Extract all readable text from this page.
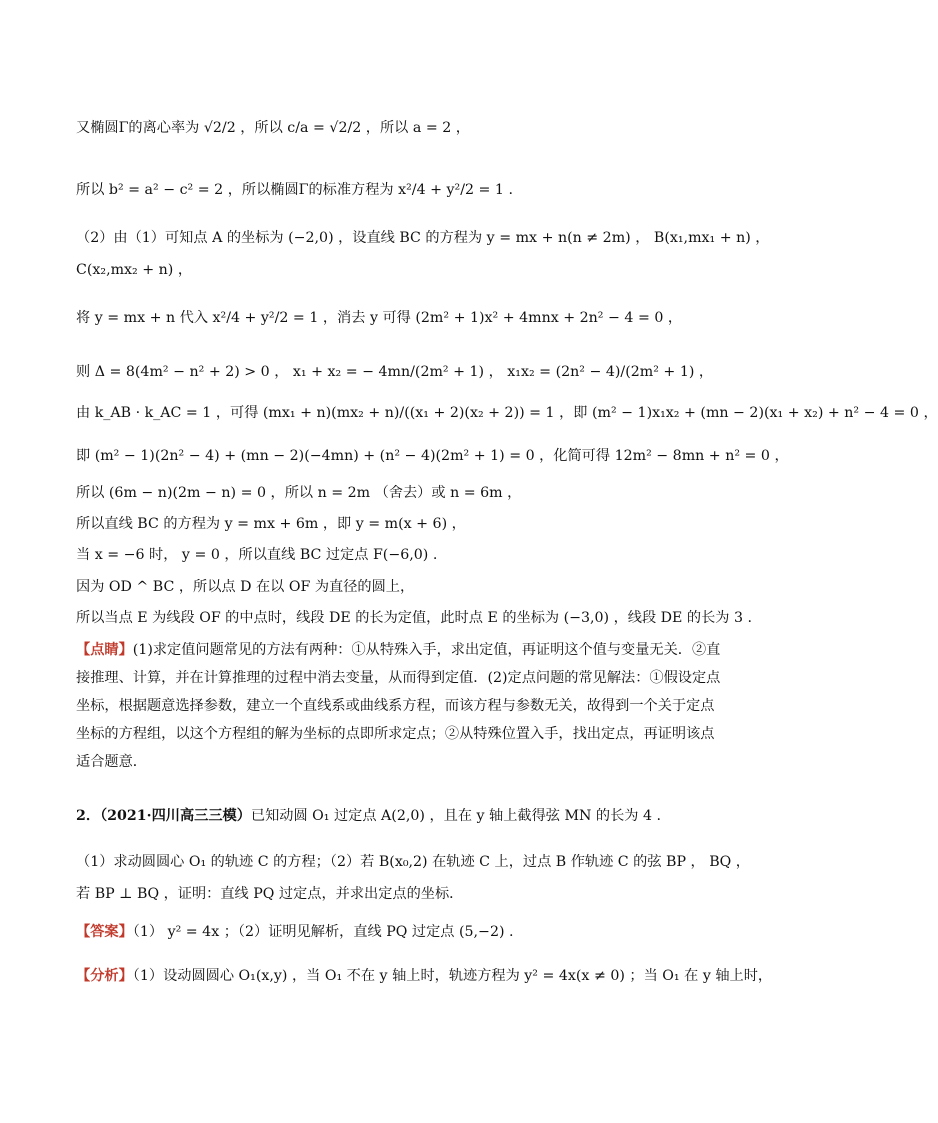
又椭圆Γ的离心率为 √2/2 ，所以 c/a = √2/2 ，所以 a = 2 ，
所以 b² = a² − c² = 2 ，所以椭圆Γ的标准方程为 x²/4 + y²/2 = 1 .
（2）由（1）可知点 A 的坐标为 (−2,0) ，设直线 BC 的方程为 y = mx + n(n ≠ 2m) ， B(x₁,mx₁ + n) ，
C(x₂,mx₂ + n) ，
将 y = mx + n 代入 x²/4 + y²/2 = 1 ，消去 y 可得 (2m² + 1)x² + 4mnx + 2n² − 4 = 0 ，
则 Δ = 8(4m² − n² + 2) > 0 ， x₁ + x₂ = − 4mn/(2m² + 1) ， x₁x₂ = (2n² − 4)/(2m² + 1) ，
由 k_AB · k_AC = 1 ，可得 (mx₁ + n)(mx₂ + n)/((x₁ + 2)(x₂ + 2)) = 1 ，即 (m² − 1)x₁x₂ + (mn − 2)(x₁ + x₂) + n² − 4 = 0 ，
即 (m² − 1)(2n² − 4) + (mn − 2)(−4mn) + (n² − 4)(2m² + 1) = 0 ，化简可得 12m² − 8mn + n² = 0 ，
所以 (6m − n)(2m − n) = 0 ，所以 n = 2m （舍去）或 n = 6m ，
所以直线 BC 的方程为 y = mx + 6m ，即 y = m(x + 6) ，
当 x = −6 时， y = 0 ，所以直线 BC 过定点 F(−6,0) .
因为 OD ^ BC ，所以点 D 在以 OF 为直径的圆上，
所以当点 E 为线段 OF 的中点时，线段 DE 的长为定值，此时点 E 的坐标为 (−3,0) ，线段 DE 的长为 3 .
【点睛】(1)求定值问题常见的方法有两种：①从特殊入手，求出定值，再证明这个值与变量无关．②直接推理、计算，并在计算推理的过程中消去变量，从而得到定值．(2)定点问题的常见解法：①假设定点坐标，根据题意选择参数，建立一个直线系或曲线系方程，而该方程与参数无关，故得到一个关于定点坐标的方程组，以这个方程组的解为坐标的点即所求定点；②从特殊位置入手，找出定点，再证明该点适合题意．
2．（2021·四川高三三模）已知动圆 O₁ 过定点 A(2,0) ，且在 y 轴上截得弦 MN 的长为 4 .
（1）求动圆圆心 O₁ 的轨迹 C 的方程；（2）若 B(x₀,2) 在轨迹 C 上，过点 B 作轨迹 C 的弦 BP ， BQ ，
若 BP ⊥ BQ ，证明：直线 PQ 过定点，并求出定点的坐标．
【答案】（1） y² = 4x ；（2）证明见解析，直线 PQ 过定点 (5,−2) .
【分析】（1）设动圆圆心 O₁(x,y) ，当 O₁ 不在 y 轴上时，轨迹方程为 y² = 4x(x ≠ 0) ；当 O₁ 在 y 轴上时，
